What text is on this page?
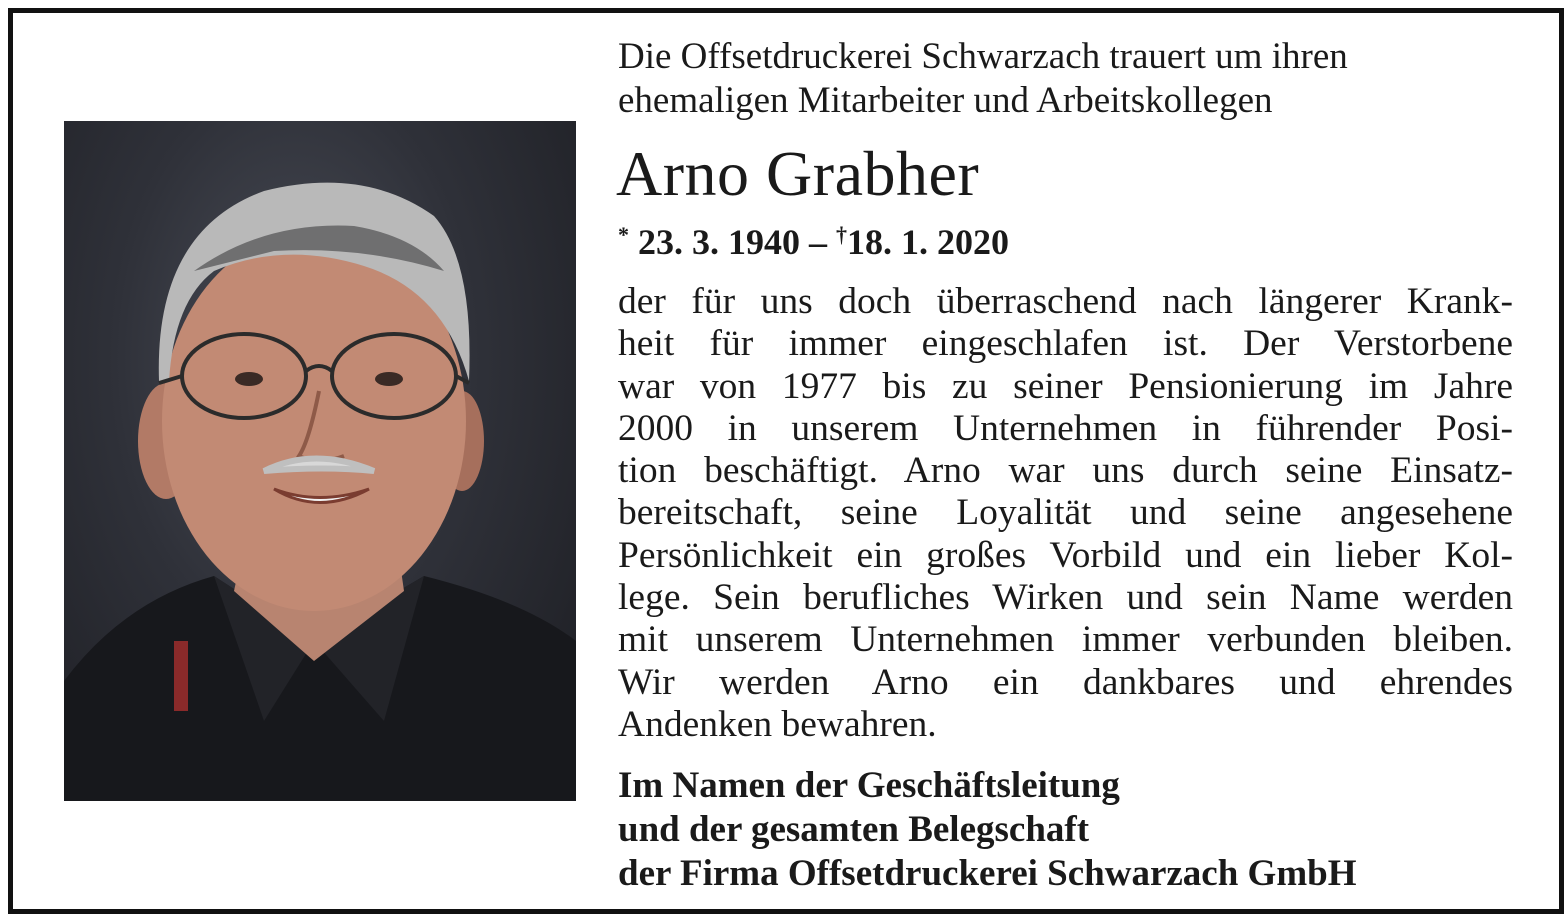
Die Offsetdruckerei Schwarzach trauert um ihren
ehemaligen Mitarbeiter und Arbeitskollegen
Arno Grabher
* 23. 3. 1940 – †18. 1. 2020
der für uns doch überraschend nach längerer Krank-
heit für immer eingeschlafen ist. Der Verstorbene
war von 1977 bis zu seiner Pensionierung im Jahre
2000 in unserem Unternehmen in führender Posi-
tion beschäftigt. Arno war uns durch seine Einsatz-
bereitschaft, seine Loyalität und seine angesehene
Persönlichkeit ein großes Vorbild und ein lieber Kol-
lege. Sein berufliches Wirken und sein Name werden
mit unserem Unternehmen immer verbunden bleiben.
Wir werden Arno ein dankbares und ehrendes
Andenken bewahren.
Im Namen der Geschäftsleitung
und der gesamten Belegschaft
der Firma Offsetdruckerei Schwarzach GmbH
